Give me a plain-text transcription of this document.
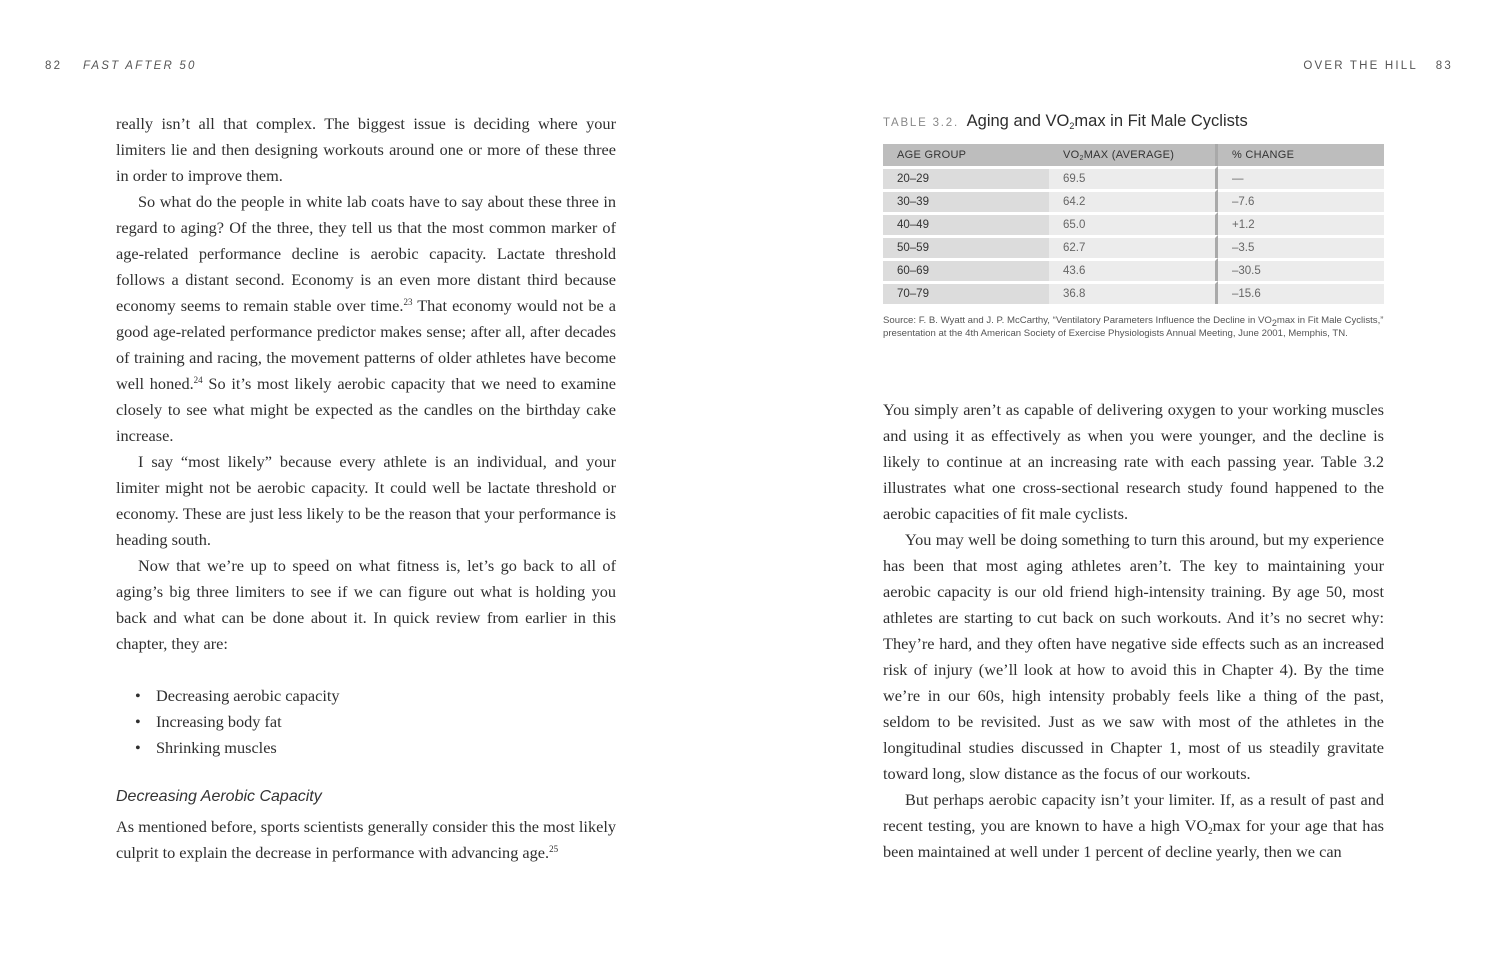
82 FAST AFTER 50

really isn’t all that complex. The biggest issue is deciding where your limiters lie and then designing workouts around one or more of these three in order to improve them.

So what do the people in white lab coats have to say about these three in regard to aging? Of the three, they tell us that the most common marker of age-related performance decline is aerobic capacity. Lactate threshold follows a distant second. Economy is an even more distant third because economy seems to remain stable over time.$^{23}$ That economy would not be a good age-related performance predictor makes sense; after all, after decades of training and racing, the movement patterns of older athletes have become well honed.$^{24}$ So it’s most likely aerobic capacity that we need to examine closely to see what might be expected as the candles on the birthday cake increase.

I say “most likely” because every athlete is an individual, and your limiter might not be aerobic capacity. It could well be lactate threshold or economy. These are just less likely to be the reason that your performance is heading south.

Now that we’re up to speed on what fitness is, let’s go back to all of aging’s big three limiters to see if we can figure out what is holding you back and what can be done about it. In quick review from earlier in this chapter, they are:

• Decreasing aerobic capacity
• Increasing body fat
• Shrinking muscles
Decreasing Aerobic Capacity

As mentioned before, sports scientists generally consider this the most likely culprit to explain the decrease in performance with advancing age.$^{25}$

OVER THE HILL 83
TABLE 3.2. Aging and $VO_2\max$ in Fit Male Cyclists
AGE GROUP	$VO_2MAX$ (AVERAGE)	% CHANGE
20–29	69.5	—
30–39	64.2	–7.6
40–49	65.0	+1.2
50–59	62.7	–3.5
60–69	43.6	–30.5
70–79	36.8	–15.6
Source: F. B. Wyatt and J. P. McCarthy, “Ventilatory Parameters Influence the Decline in $VO_2\max$ in Fit Male Cyclists,” presentation at the 4th American Society of Exercise Physiologists Annual Meeting, June 2001, Memphis, TN.

You simply aren’t as capable of delivering oxygen to your working muscles and using it as effectively as when you were younger, and the decline is likely to continue at an increasing rate with each passing year. Table 3.2 illustrates what one cross-sectional research study found happened to the aerobic capacities of fit male cyclists.

You may well be doing something to turn this around, but my experience has been that most aging athletes aren’t. The key to maintaining your aerobic capacity is our old friend high-intensity training. By age 50, most athletes are starting to cut back on such workouts. And it’s no secret why: They’re hard, and they often have negative side effects such as an increased risk of injury (we’ll look at how to avoid this in Chapter 4). By the time we’re in our 60s, high intensity probably feels like a thing of the past, seldom to be revisited. Just as we saw with most of the athletes in the longitudinal studies discussed in Chapter 1, most of us steadily gravitate toward long, slow distance as the focus of our workouts.

But perhaps aerobic capacity isn’t your limiter. If, as a result of past and recent testing, you are known to have a high $VO_2\max$ for your age that has been maintained at well under 1 percent of decline yearly, then we can
